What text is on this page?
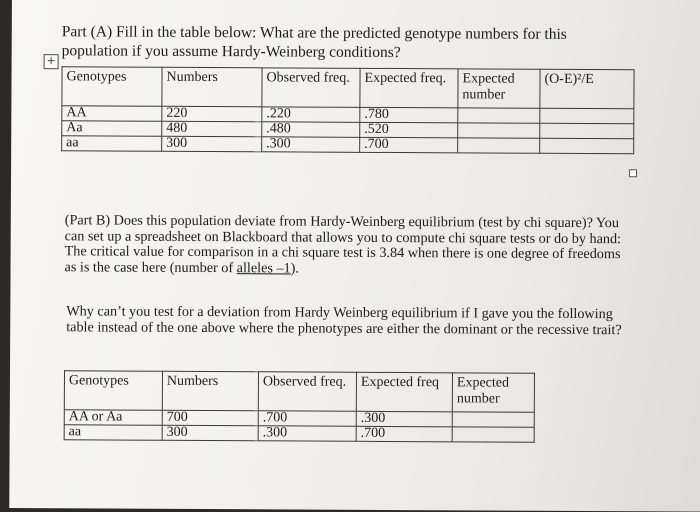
Part (A) Fill in the table below: What are the predicted genotype numbers for this population if you assume Hardy-Weinberg conditions?
+
Genotypes	Numbers	Observed freq.	Expected freq.	Expected number	(O-E)²/E
AA	220	.220	.780		
Aa	480	.480	.520		
aa	300	.300	.700		
(Part B) Does this population deviate from Hardy-Weinberg equilibrium (test by chi square)? You can set up a spreadsheet on Blackboard that allows you to compute chi square tests or do by hand: The critical value for comparison in a chi square test is 3.84 when there is one degree of freedoms as is the case here (number of alleles –1).
Why can’t you test for a deviation from Hardy Weinberg equilibrium if I gave you the following table instead of the one above where the phenotypes are either the dominant or the recessive trait?
Genotypes	Numbers	Observed freq.	Expected freq	Expected number
AA or Aa	700	.700	.300	
aa	300	.300	.700	
